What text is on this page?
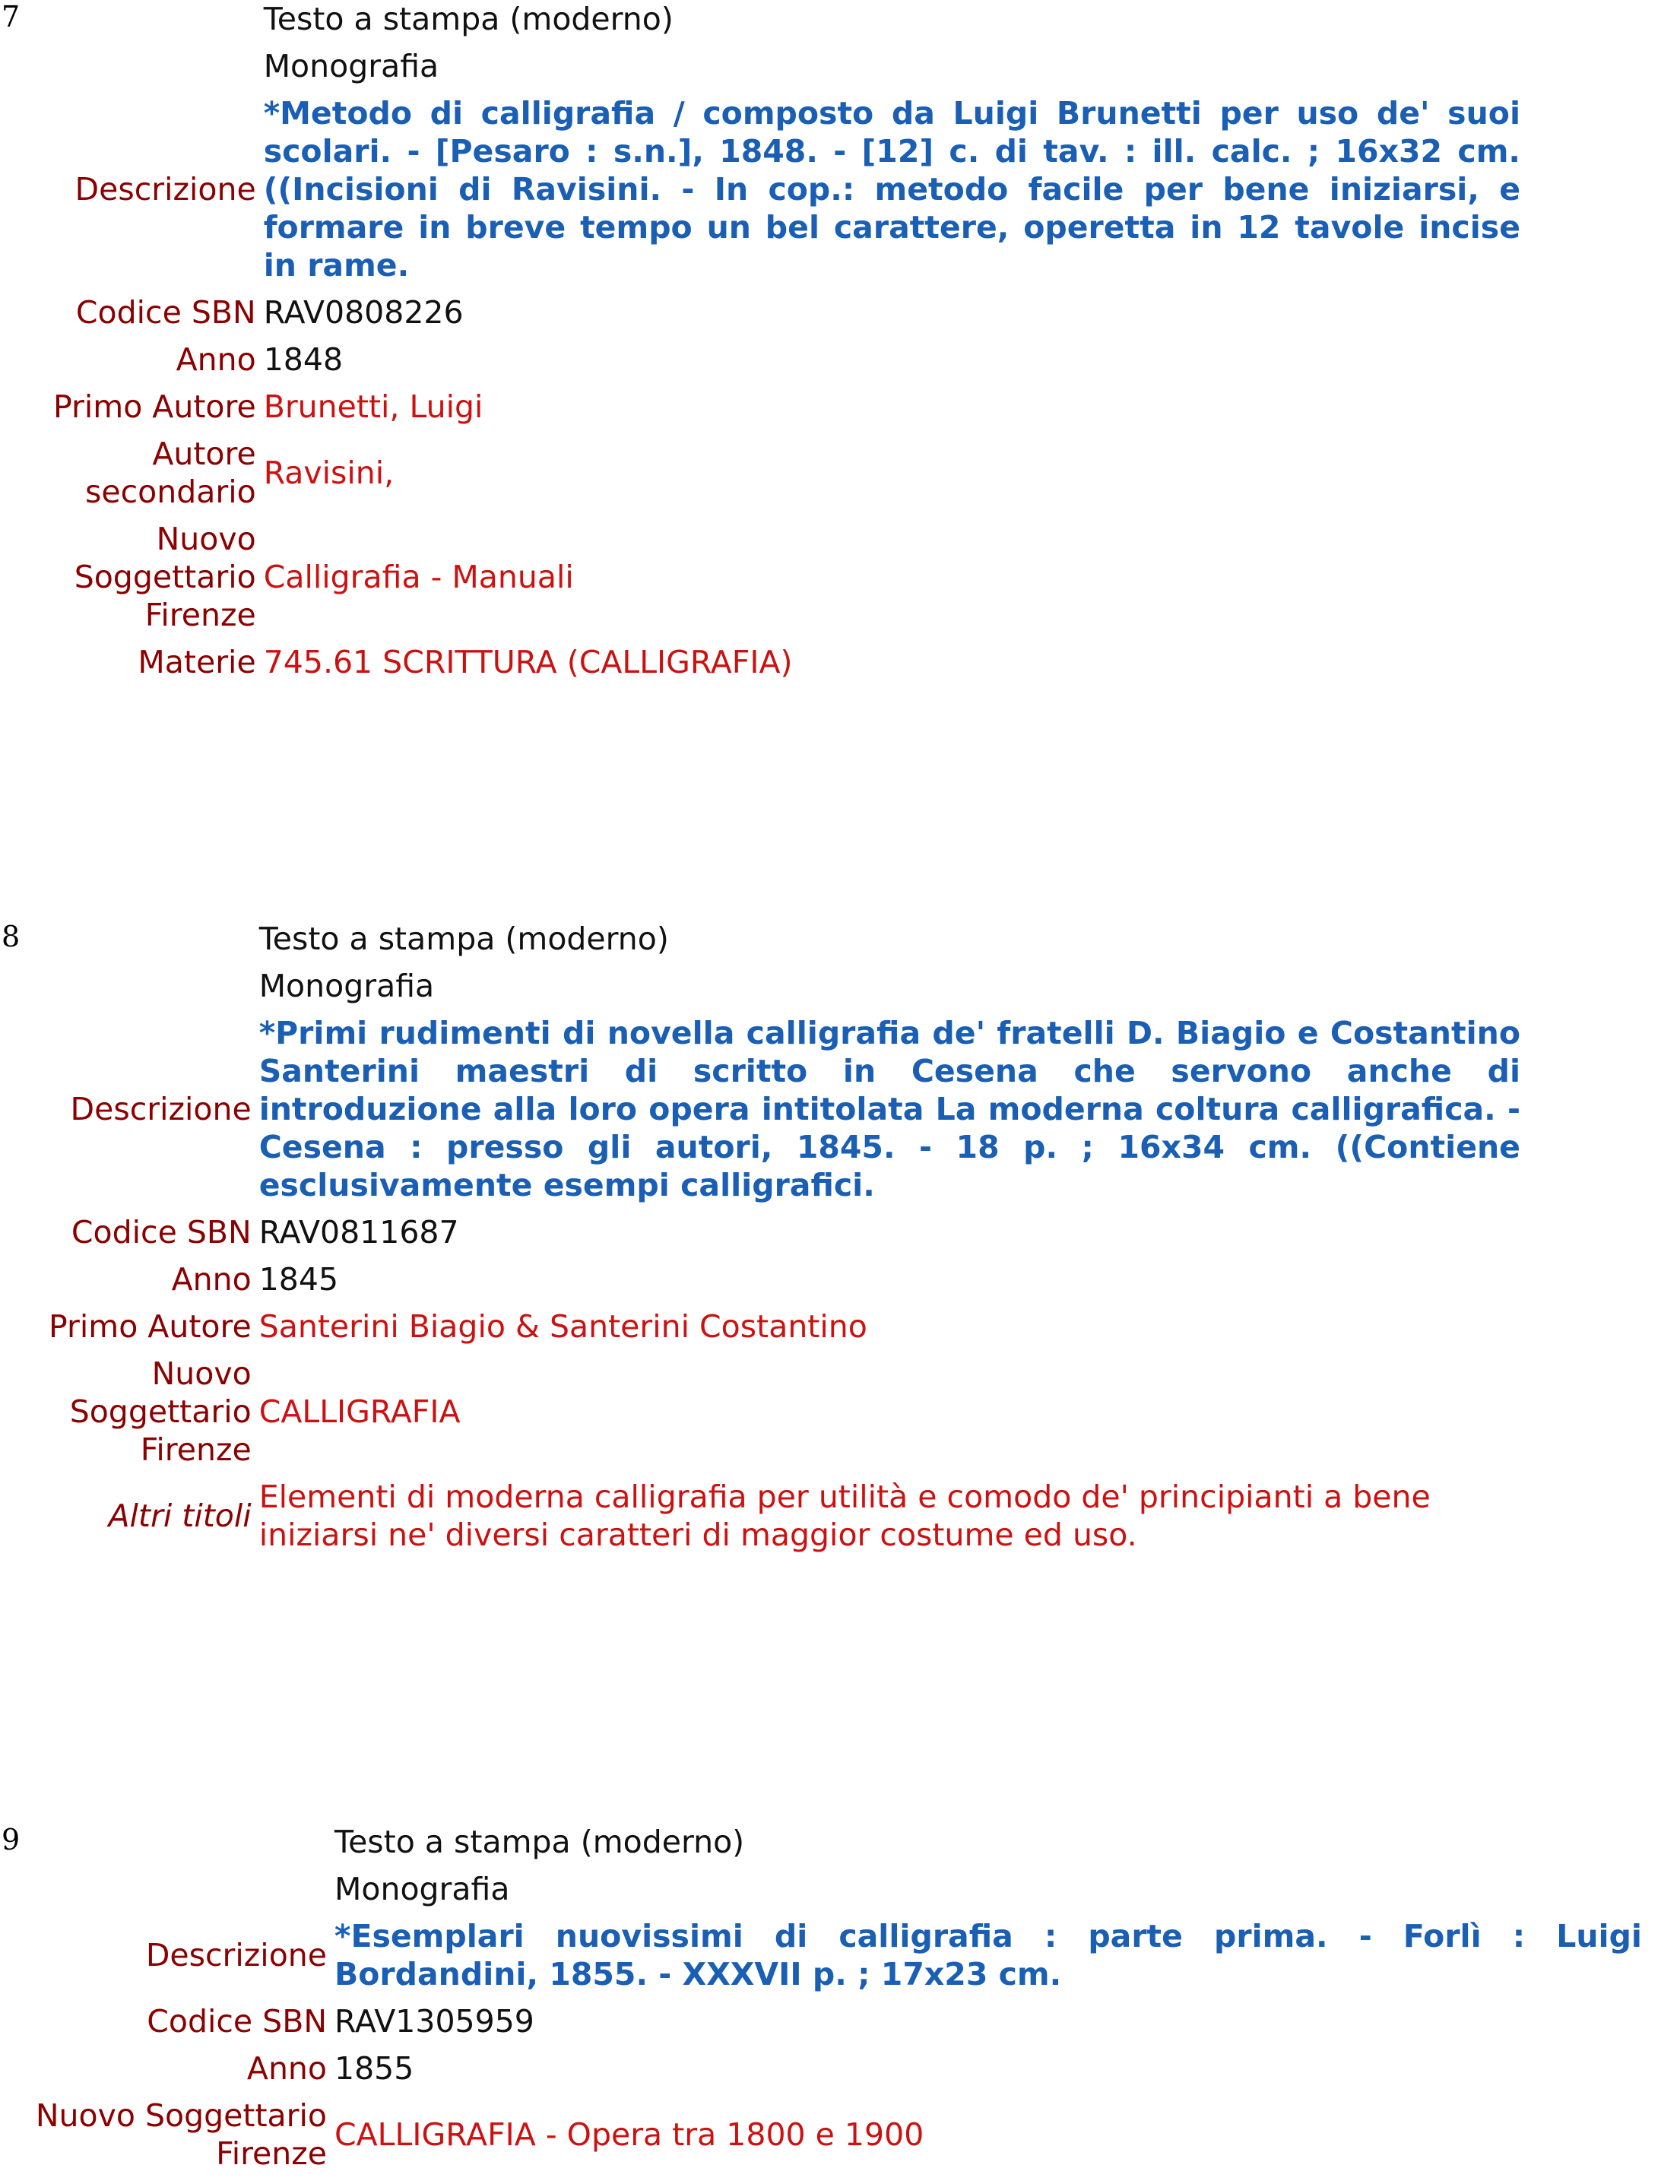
7
		Testo a stampa (moderno)
	Monografia
Descrizione	*Metodo di calligrafia / composto da Luigi Brunetti per uso de' suoi scolari. - [Pesaro : s.n.], 1848. - [12] c. di tav. : ill. calc. ; 16x32 cm. ((Incisioni di Ravisini. - In cop.: metodo facile per bene iniziarsi, e formare in breve tempo un bel carattere, operetta in 12 tavole incise in rame.
Codice SBN	RAV0808226
Anno	1848
Primo Autore	Brunetti, Luigi
Autore secondario	Ravisini,
Nuovo Soggettario Firenze	Calligrafia - Manuali
Materie	745.61 SCRITTURA (CALLIGRAFIA)
8
		Testo a stampa (moderno)
	Monografia
Descrizione	*Primi rudimenti di novella calligrafia de' fratelli D. Biagio e Costantino Santerini maestri di scritto in Cesena che servono anche di introduzione alla loro opera intitolata La moderna coltura calligrafica. - Cesena : presso gli autori, 1845. - 18 p. ; 16x34 cm. ((Contiene esclusivamente esempi calligrafici.
Codice SBN	RAV0811687
Anno	1845
Primo Autore	Santerini Biagio & Santerini Costantino
Nuovo Soggettario Firenze	CALLIGRAFIA
Altri titoli	Elementi di moderna calligrafia per utilità e comodo de' principianti a bene iniziarsi ne' diversi caratteri di maggior costume ed uso.
9
		Testo a stampa (moderno)
	Monografia
Descrizione	*Esemplari nuovissimi di calligrafia : parte prima. - Forlì : Luigi Bordandini, 1855. - XXXVII p. ; 17x23 cm.
Codice SBN	RAV1305959
Anno	1855
Nuovo Soggettario Firenze	CALLIGRAFIA - Opera tra 1800 e 1900
